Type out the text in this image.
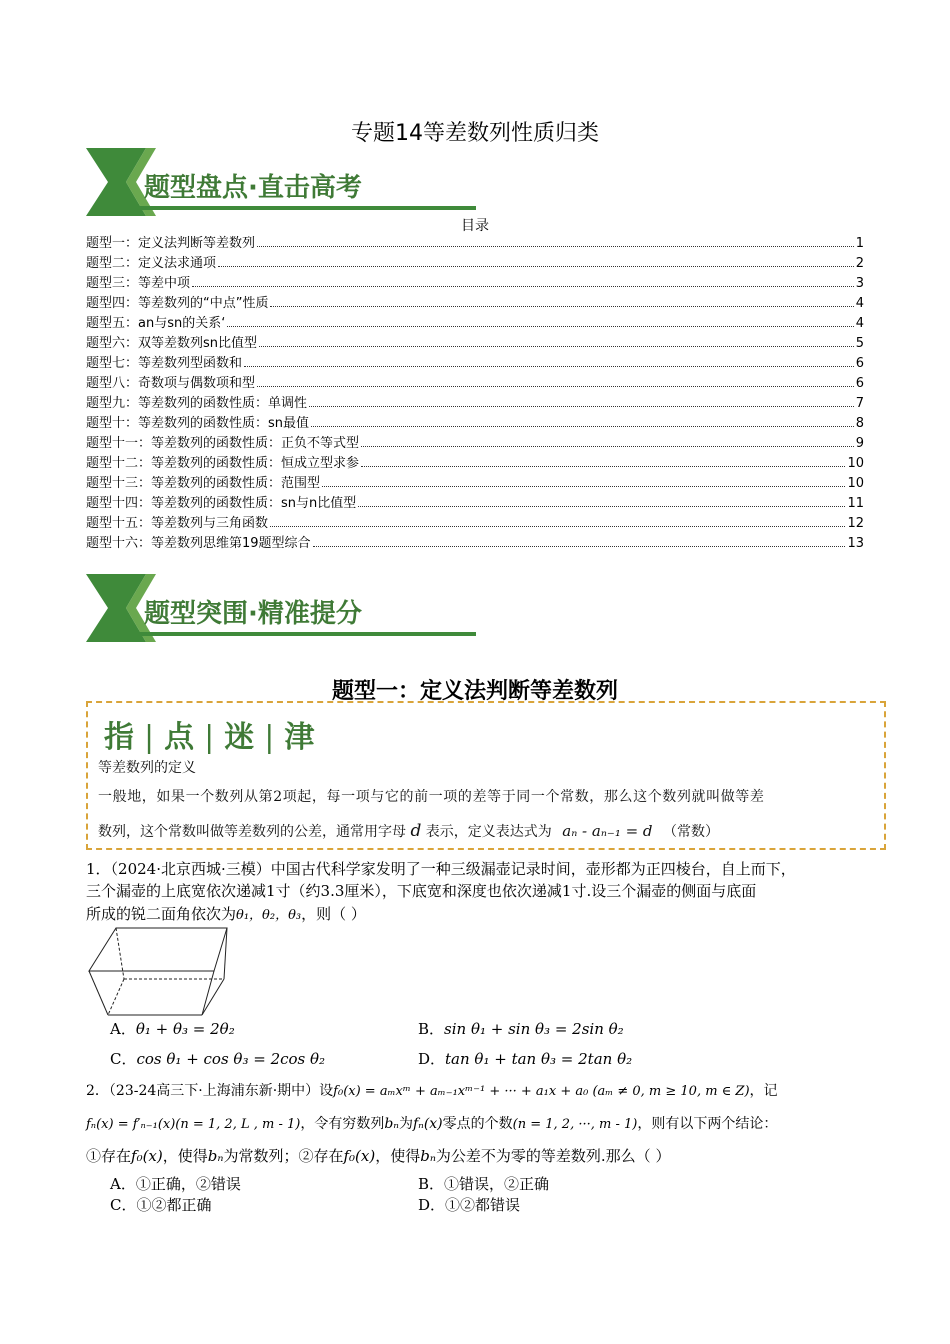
专题14等差数列性质归类
题型盘点·直击高考
目录
题型一：定义法判断等差数列	1
题型二：定义法求通项	2
题型三：等差中项	3
题型四：等差数列的“中点”性质	4
题型五：an与sn的关系‘	4
题型六：双等差数列sn比值型	5
题型七：等差数列型函数和	6
题型八：奇数项与偶数项和型	6
题型九：等差数列的函数性质：单调性	7
题型十：等差数列的函数性质：sn最值	8
题型十一：等差数列的函数性质：正负不等式型	9
题型十二：等差数列的函数性质：恒成立型求参	10
题型十三：等差数列的函数性质：范围型	10
题型十四：等差数列的函数性质：sn与n比值型	11
题型十五：等差数列与三角函数	12
题型十六：等差数列思维第19题型综合	13
题型突围·精准提分
题型一：定义法判断等差数列
指 | 点 | 迷 | 津
等差数列的定义
一般地，如果一个数列从第2项起，每一项与它的前一项的差等于同一个常数，那么这个数列就叫做等差
数列，这个常数叫做等差数列的公差，通常用字母 d 表示，定义表达式为 aₙ - aₙ₋₁ = d （常数）
1．（2024·北京西城·三模）中国古代科学家发明了一种三级漏壶记录时间，壶形都为正四棱台，自上而下，
三个漏壶的上底宽依次递减1寸（约3.3厘米），下底宽和深度也依次递减1寸.设三个漏壶的侧面与底面
所成的锐二面角依次为θ₁，θ₂，θ₃，则（ ）
A．θ₁ + θ₃ = 2θ₂	B．sin θ₁ + sin θ₃ = 2sin θ₂
C．cos θ₁ + cos θ₃ = 2cos θ₂	D．tan θ₁ + tan θ₃ = 2tan θ₂
2．（23-24高三下·上海浦东新·期中）设f₀(x) = aₘxᵐ + aₘ₋₁xᵐ⁻¹ + ··· + a₁x + a₀ (aₘ ≠ 0, m ≥ 10, m ∈ Z)，记
fₙ(x) = f′ₙ₋₁(x)(n = 1, 2, L , m - 1)，令有穷数列bₙ为fₙ(x)零点的个数(n = 1, 2, ···, m - 1)，则有以下两个结论：
①存在f₀(x)，使得bₙ为常数列；②存在f₀(x)，使得bₙ为公差不为零的等差数列.那么（ ）
A．①正确，②错误	B．①错误，②正确
C．①②都正确	D．①②都错误
